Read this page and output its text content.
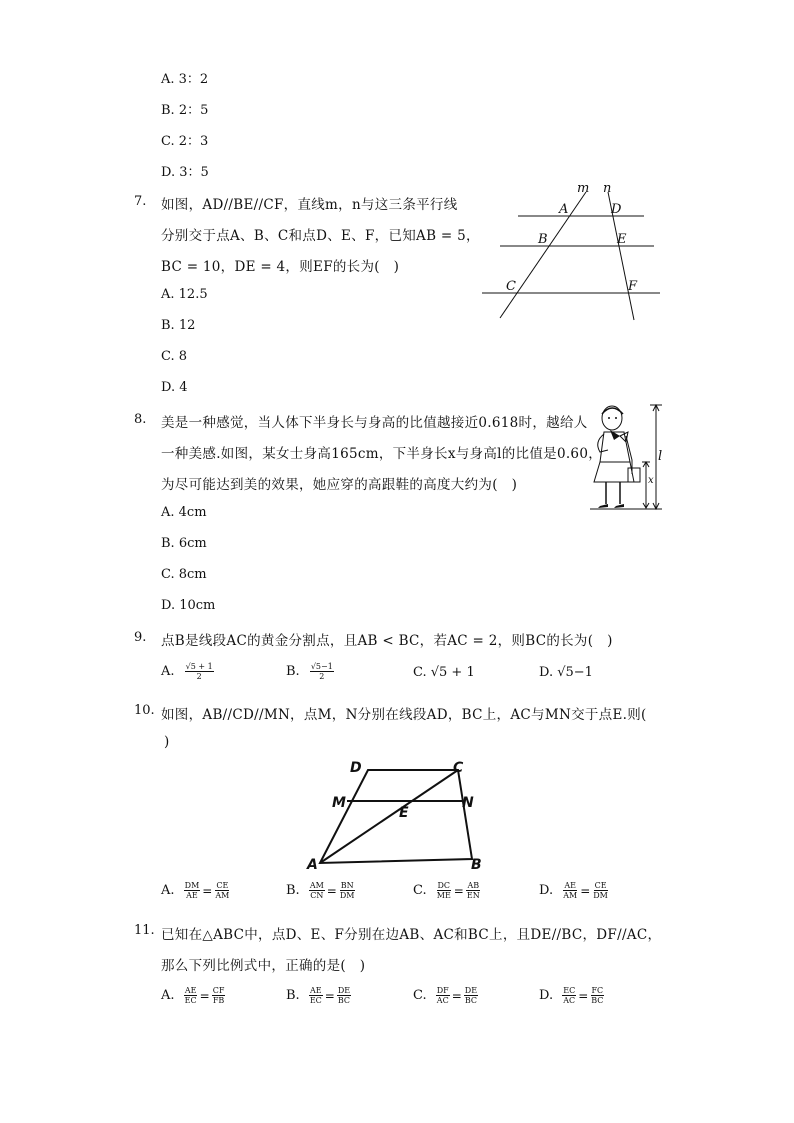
A. 3：2
B. 2：5
C. 2：3
D. 3：5
7. 如图，AD//BE//CF，直线m，n与这三条平行线
分别交于点A、B、C和点D、E、F，已知AB = 5，
BC = 10，DE = 4，则EF的长为(　)
A. 12.5
B. 12
C. 8
D. 4
m n
A	D
B	E
C	F
8. 美是一种感觉，当人体下半身长与身高的比值越接近0.618时，越给人
一种美感.如图，某女士身高165cm，下半身长x与身高l的比值是0.60，
为尽可能达到美的效果，她应穿的高跟鞋的高度大约为(　)
A. 4cm
B. 6cm
C. 8cm
D. 10cm
l
x
9. 点B是线段AC的黄金分割点，且AB < BC，若AC = 2，则BC的长为(　)
A. $\frac{√5 + 1}{2}$	B. $\frac{√5-1}{2}$	C. √5 + 1	D. √5−1
10. 如图，AB//CD//MN，点M，N分别在线段AD，BC上，AC与MN交于点E.则(
)
D	C
M	N
E
A	B
A. $\frac{DM}{AE} = \frac{CE}{AM}$	B. $\frac{AM}{CN} = \frac{BN}{DM}$	C. $\frac{DC}{ME} = \frac{AB}{EN}$	D. $\frac{AE}{AM} = \frac{CE}{DM}$
11. 已知在△ABC中，点D、E、F分别在边AB、AC和BC上，且DE//BC，DF//AC，
那么下列比例式中，正确的是(　)
A. $\frac{AE}{EC} = \frac{CF}{FB}$	B. $\frac{AE}{EC} = \frac{DE}{BC}$	C. $\frac{DF}{AC} = \frac{DE}{BC}$	D. $\frac{EC}{AC} = \frac{FC}{BC}$
